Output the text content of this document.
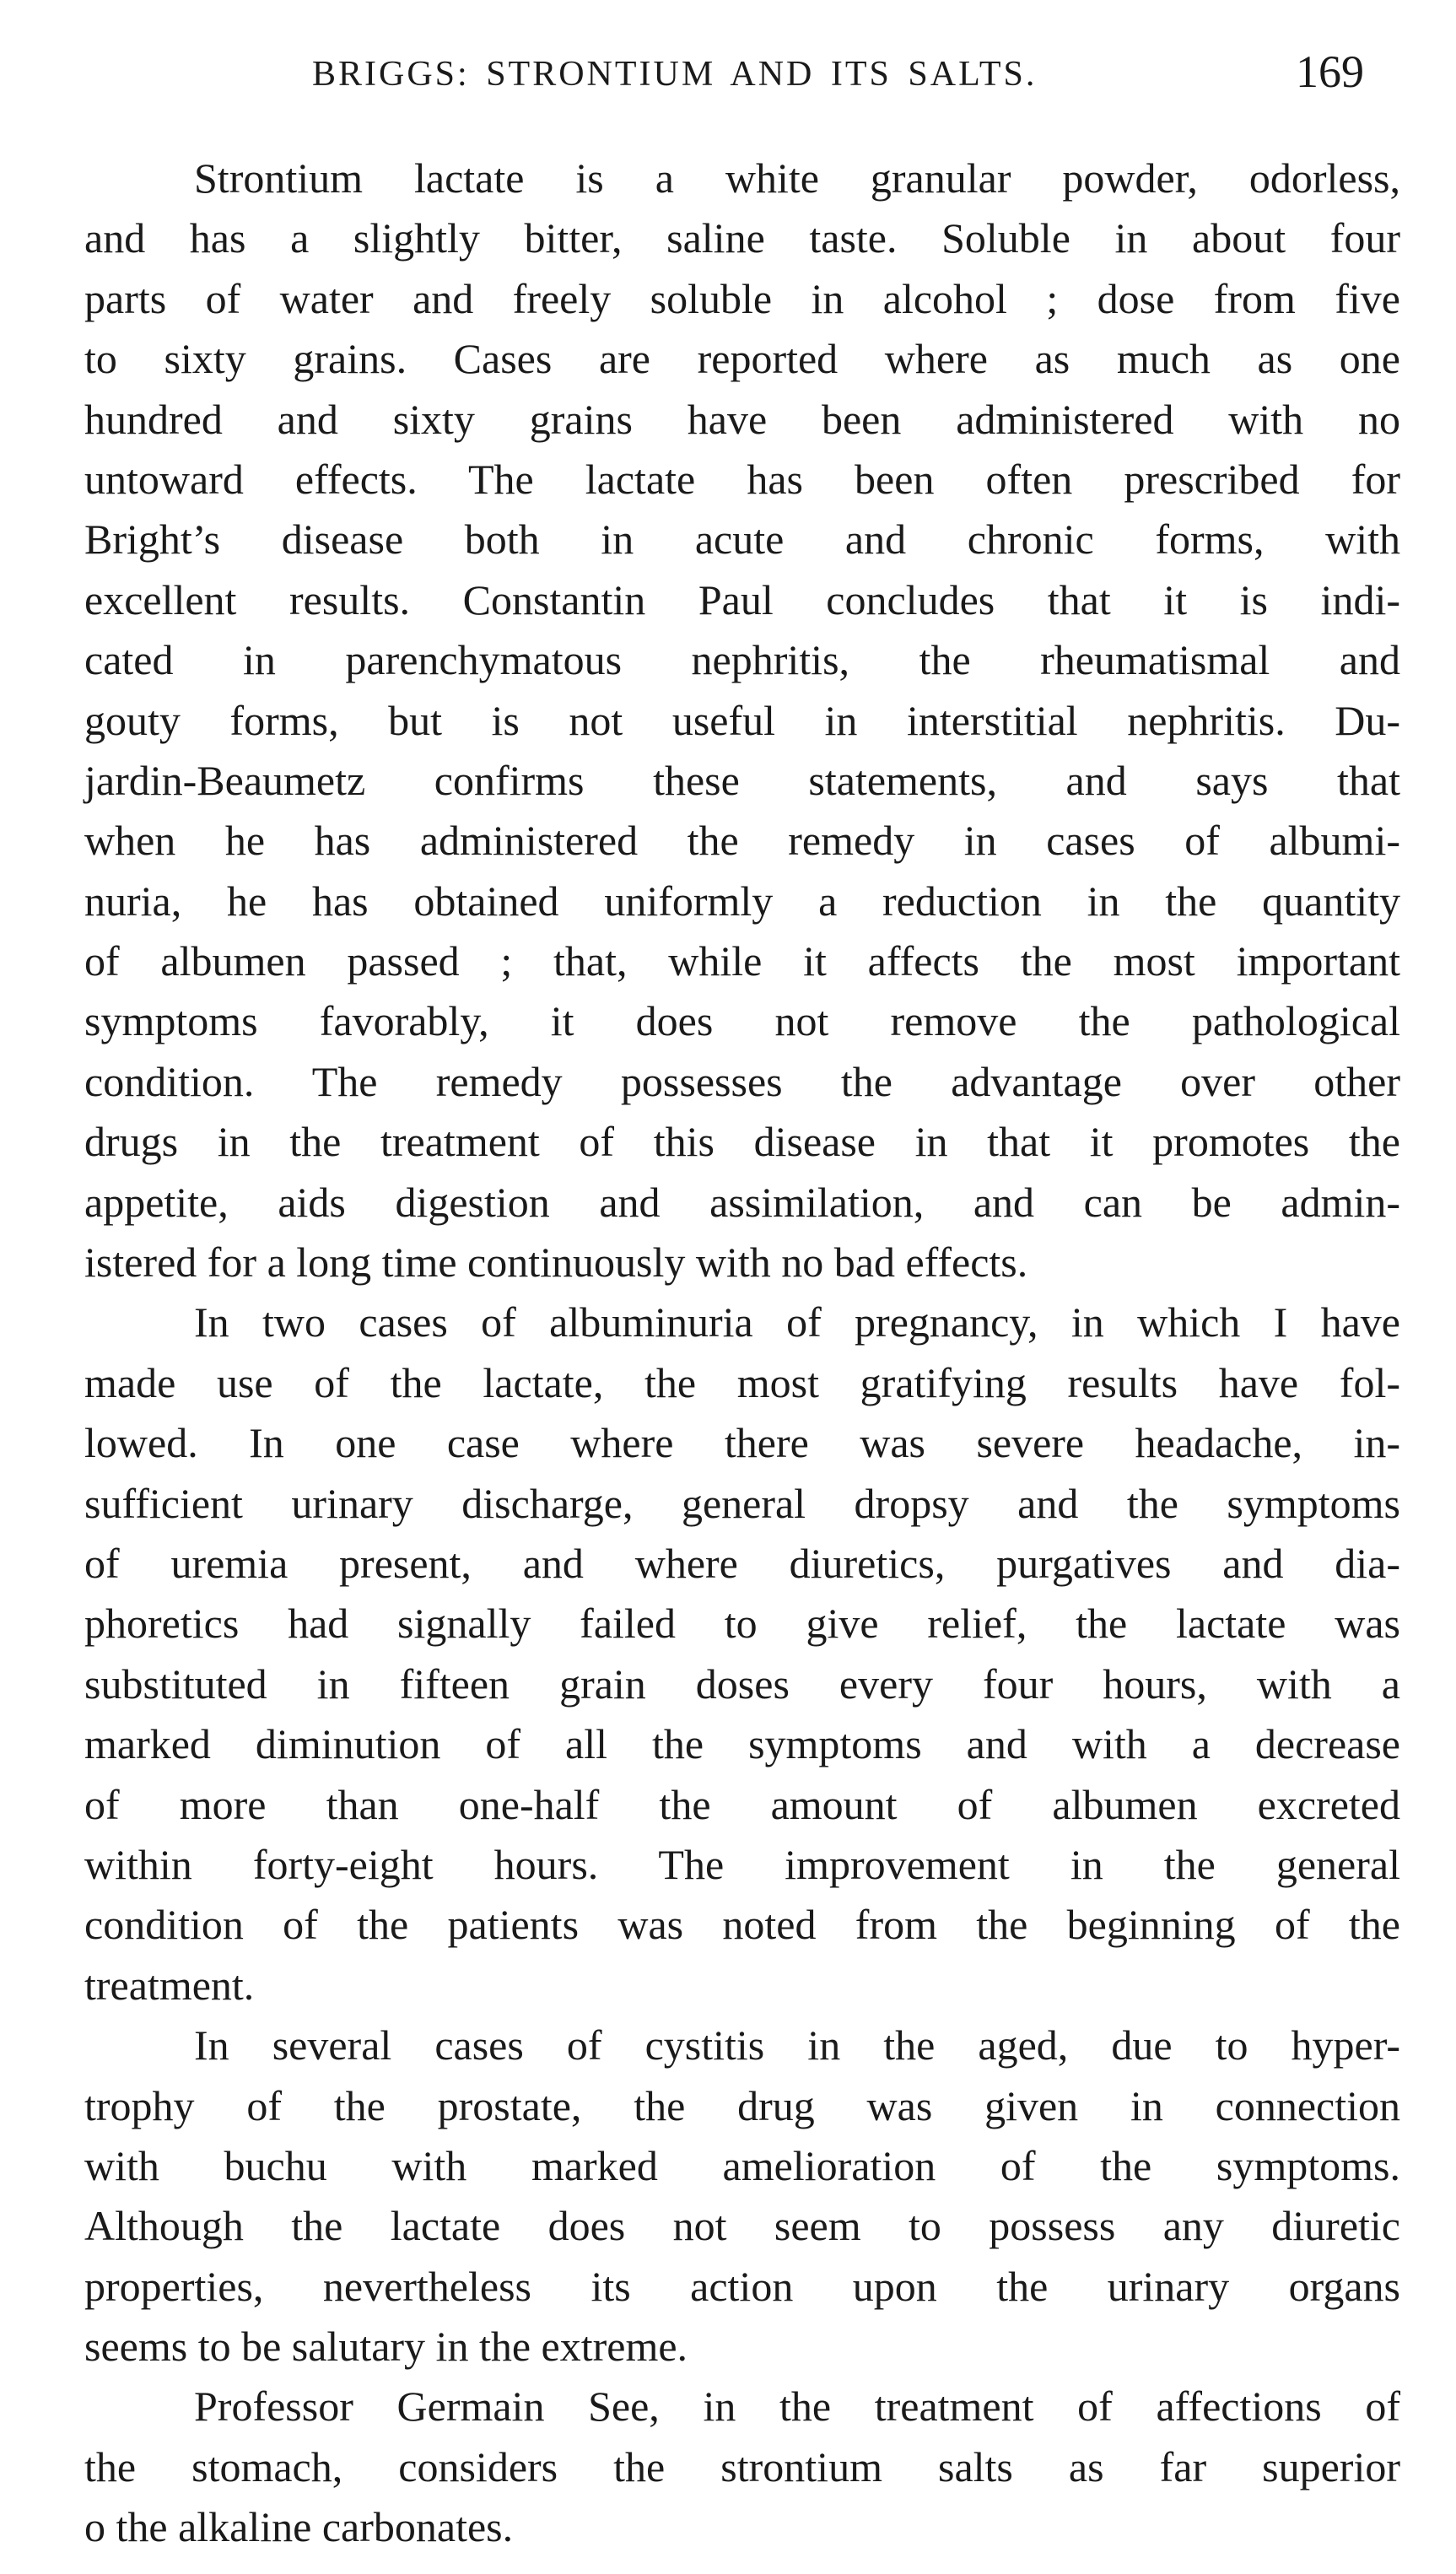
BRIGGS: STRONTIUM AND ITS SALTS.	169
Strontium lactate is a white granular powder, odorless,
and has a slightly bitter, saline taste. Soluble in about four
parts of water and freely soluble in alcohol ; dose from five
to sixty grains. Cases are reported where as much as one
hundred and sixty grains have been administered with no
untoward effects. The lactate has been often prescribed for
Bright’s disease both in acute and chronic forms, with
excellent results. Constantin Paul concludes that it is indi-
cated in parenchymatous nephritis, the rheumatismal and
gouty forms, but is not useful in interstitial nephritis. Du-
jardin-Beaumetz confirms these statements, and says that
when he has administered the remedy in cases of albumi-
nuria, he has obtained uniformly a reduction in the quantity
of albumen passed ; that, while it affects the most important
symptoms favorably, it does not remove the pathological
condition. The remedy possesses the advantage over other
drugs in the treatment of this disease in that it promotes the
appetite, aids digestion and assimilation, and can be admin-
istered for a long time continuously with no bad effects.
In two cases of albuminuria of pregnancy, in which I have
made use of the lactate, the most gratifying results have fol-
lowed. In one case where there was severe headache, in-
sufficient urinary discharge, general dropsy and the symptoms
of uremia present, and where diuretics, purgatives and dia-
phoretics had signally failed to give relief, the lactate was
substituted in fifteen grain doses every four hours, with a
marked diminution of all the symptoms and with a decrease
of more than one-half the amount of albumen excreted
within forty-eight hours. The improvement in the general
condition of the patients was noted from the beginning of the
treatment.
In several cases of cystitis in the aged, due to hyper-
trophy of the prostate, the drug was given in connection
with buchu with marked amelioration of the symptoms.
Although the lactate does not seem to possess any diuretic
properties, nevertheless its action upon the urinary organs
seems to be salutary in the extreme.
Professor Germain See, in the treatment of affections of
the stomach, considers the strontium salts as far superior
o the alkaline carbonates.
